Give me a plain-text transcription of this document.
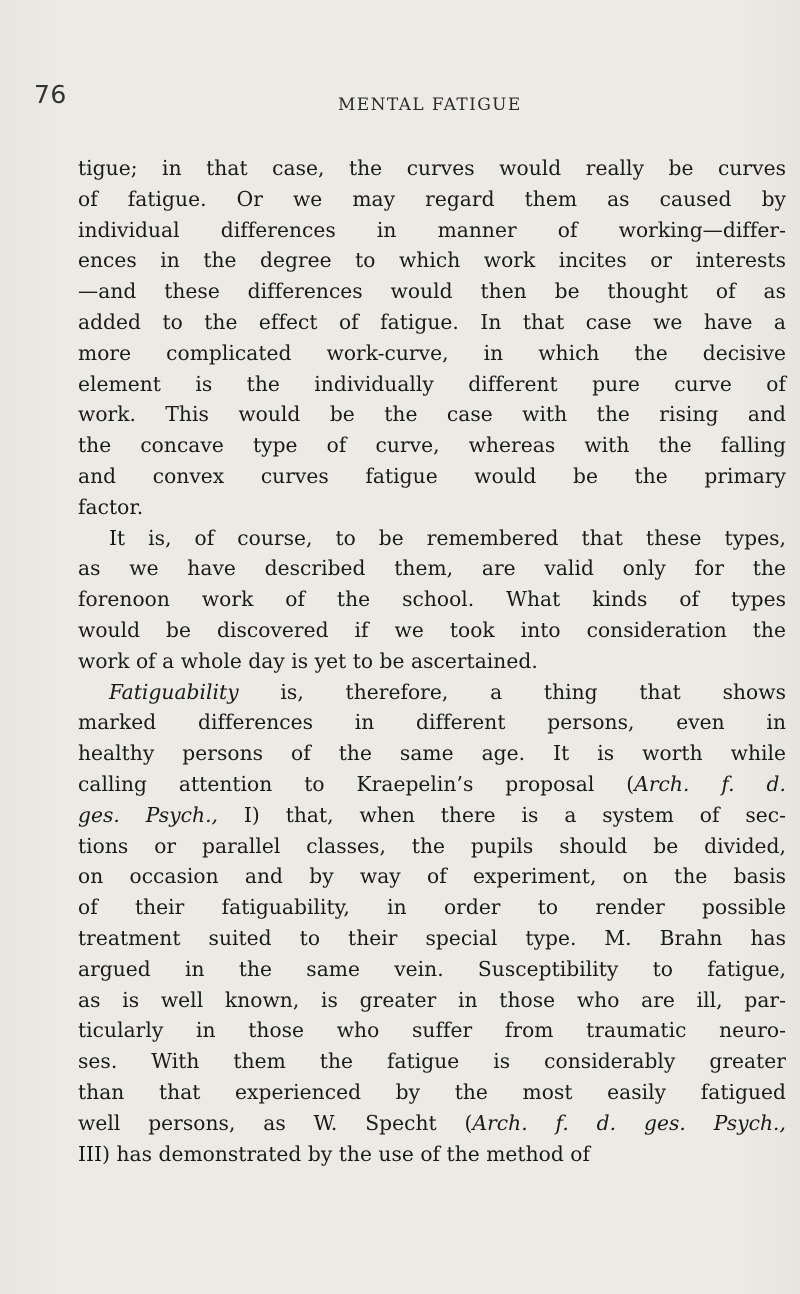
76	MENTAL FATIGUE
tigue; in that case, the curves would really be curves
of fatigue. Or we may regard them as caused by
individual differences in manner of working—differ-
ences in the degree to which work incites or interests
—and these differences would then be thought of as
added to the effect of fatigue. In that case we have a
more complicated work-curve, in which the decisive
element is the individually different pure curve of
work. This would be the case with the rising and
the concave type of curve, whereas with the falling
and convex curves fatigue would be the primary
factor.
It is, of course, to be remembered that these types,
as we have described them, are valid only for the
forenoon work of the school. What kinds of types
would be discovered if we took into consideration the
work of a whole day is yet to be ascertained.
Fatiguability is, therefore, a thing that shows
marked differences in different persons, even in
healthy persons of the same age. It is worth while
calling attention to Kraepelin’s proposal (Arch. f. d.
ges. Psych., I) that, when there is a system of sec-
tions or parallel classes, the pupils should be divided,
on occasion and by way of experiment, on the basis
of their fatiguability, in order to render possible
treatment suited to their special type. M. Brahn has
argued in the same vein. Susceptibility to fatigue,
as is well known, is greater in those who are ill, par-
ticularly in those who suffer from traumatic neuro-
ses. With them the fatigue is considerably greater
than that experienced by the most easily fatigued
well persons, as W. Specht (Arch. f. d. ges. Psych.,
III) has demonstrated by the use of the method of
